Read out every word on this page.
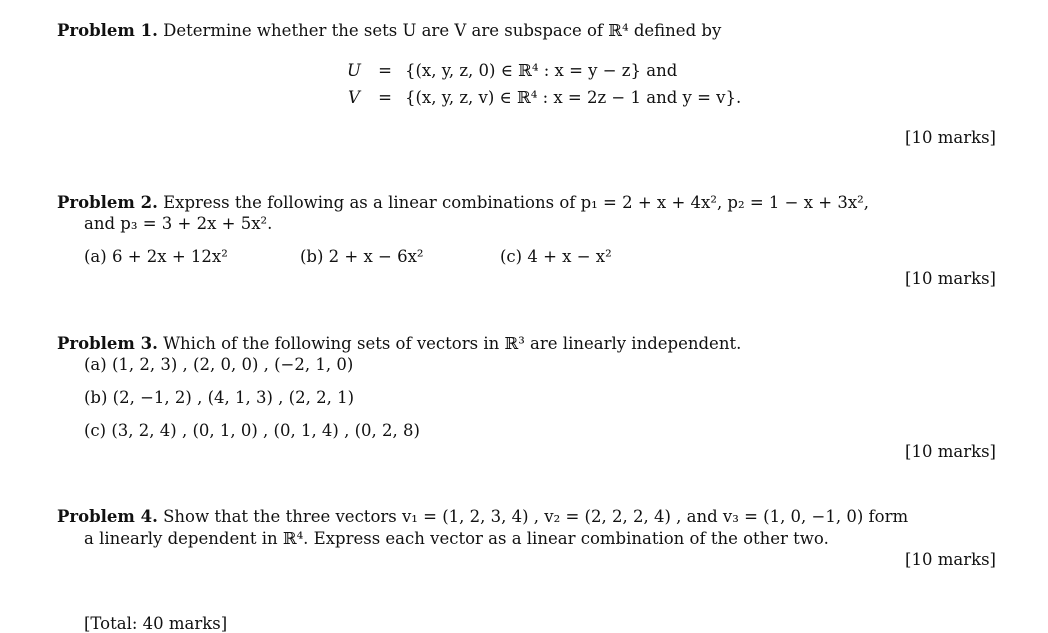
Problem 1. Determine whether the sets U are V are subspace of ℝ⁴ defined by
U = {(x, y, z, 0) ∈ ℝ⁴ : x = y − z} and
V = {(x, y, z, v) ∈ ℝ⁴ : x = 2z − 1 and y = v}.
[10 marks]
Problem 2. Express the following as a linear combinations of p₁ = 2 + x + 4x², p₂ = 1 − x + 3x²,
and p₃ = 3 + 2x + 5x².
(a) 6 + 2x + 12x²	(b) 2 + x − 6x²	(c) 4 + x − x²
[10 marks]
Problem 3. Which of the following sets of vectors in ℝ³ are linearly independent.
(a) (1, 2, 3) , (2, 0, 0) , (−2, 1, 0)
(b) (2, −1, 2) , (4, 1, 3) , (2, 2, 1)
(c) (3, 2, 4) , (0, 1, 0) , (0, 1, 4) , (0, 2, 8)
[10 marks]
Problem 4. Show that the three vectors v₁ = (1, 2, 3, 4) , v₂ = (2, 2, 2, 4) , and v₃ = (1, 0, −1, 0) form
a linearly dependent in ℝ⁴. Express each vector as a linear combination of the other two.
[10 marks]
[Total: 40 marks]
